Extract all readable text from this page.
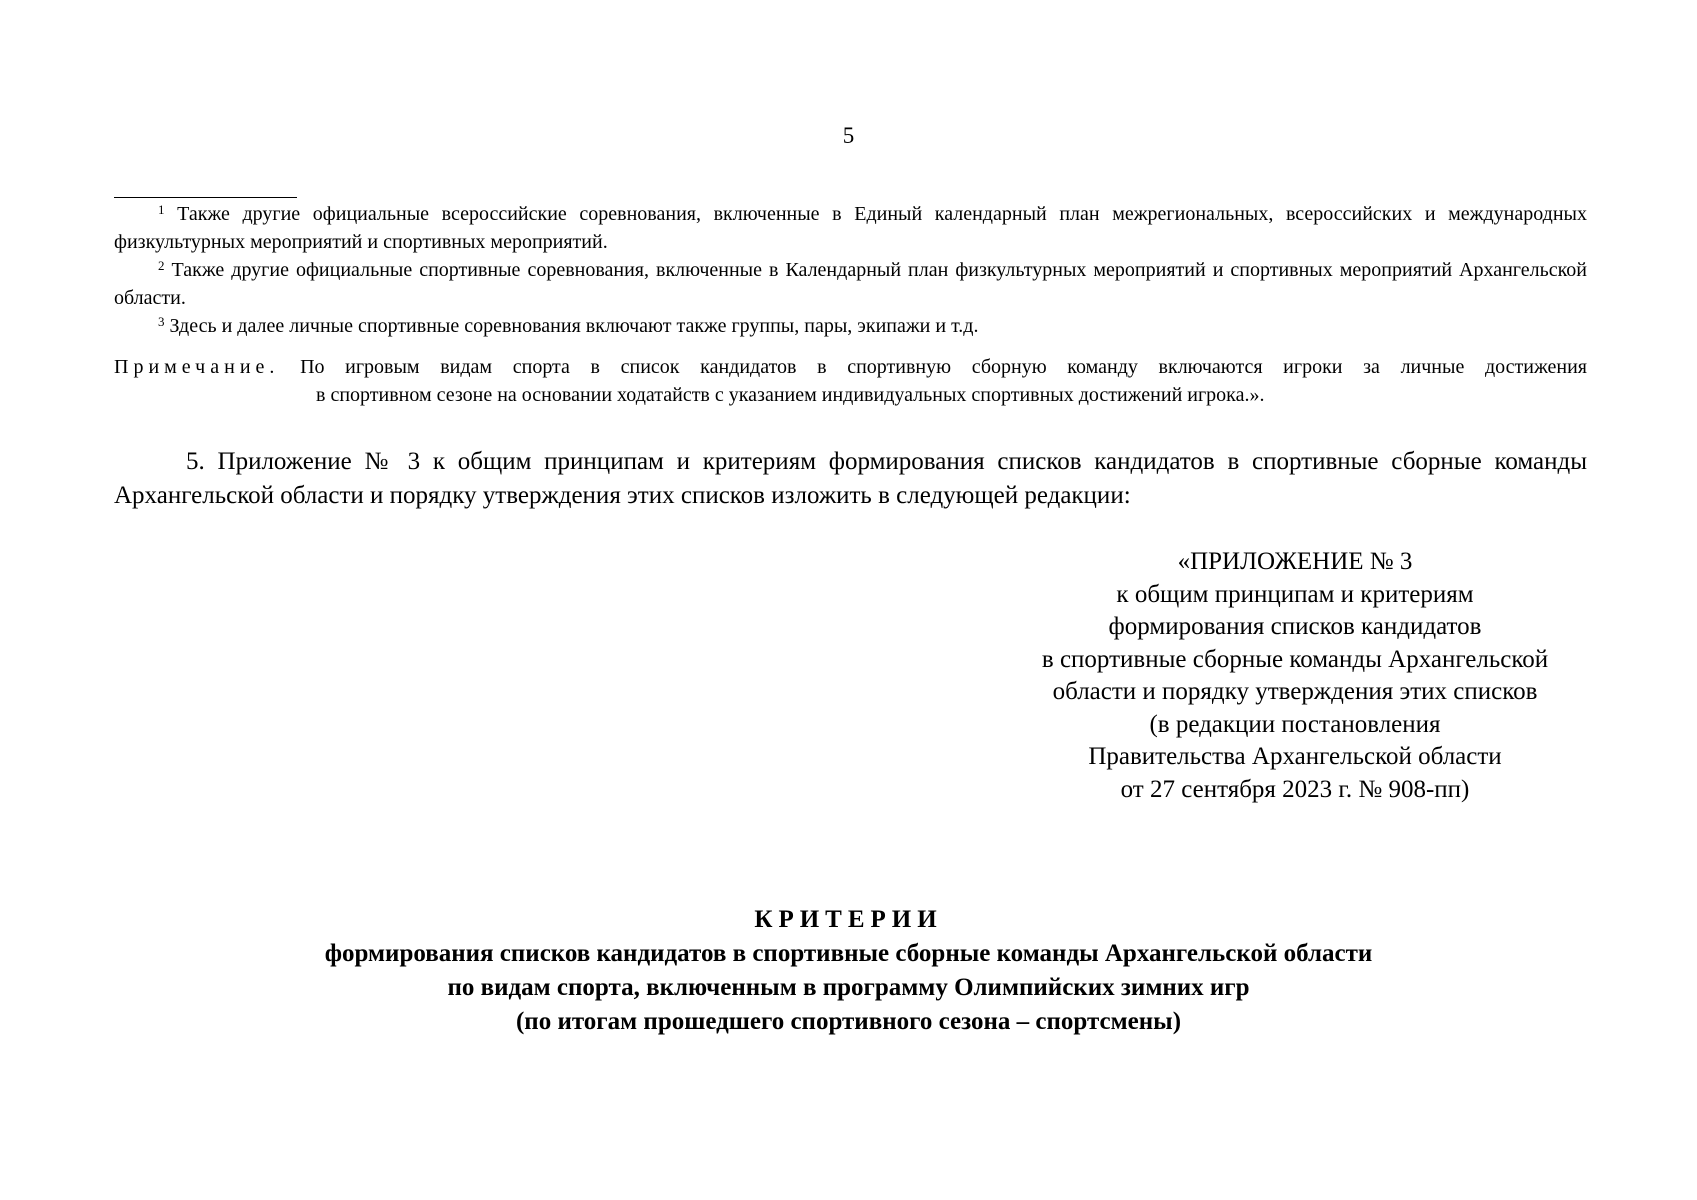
5

$^1$ Также другие официальные всероссийские соревнования, включенные в Единый календарный план межрегиональных, всероссийских и международных физкультурных мероприятий и спортивных мероприятий.

$^2$ Также другие официальные спортивные соревнования, включенные в Календарный план физкультурных мероприятий и спортивных мероприятий Архангельской области.

$^3$ Здесь и далее личные спортивные соревнования включают также группы, пары, экипажи и т.д.

Примечание. По игровым видам спорта в список кандидатов в спортивную сборную команду включаются игроки за личные достижения
в спортивном сезоне на основании ходатайств с указанием индивидуальных спортивных достижений игрока.».

5. Приложение № 3 к общим принципам и критериям формирования списков кандидатов в спортивные сборные команды Архангельской области и порядку утверждения этих списков изложить в следующей редакции:

«ПРИЛОЖЕНИЕ № 3
к общим принципам и критериям
формирования списков кандидатов
в спортивные сборные команды Архангельской
области и порядку утверждения этих списков
(в редакции постановления
Правительства Архангельской области
от 27 сентября 2023 г. № 908-пп)
КРИТЕРИИ
формирования списков кандидатов в спортивные сборные команды Архангельской области
по видам спорта, включенным в программу Олимпийских зимних игр
(по итогам прошедшего спортивного сезона – спортсмены)
